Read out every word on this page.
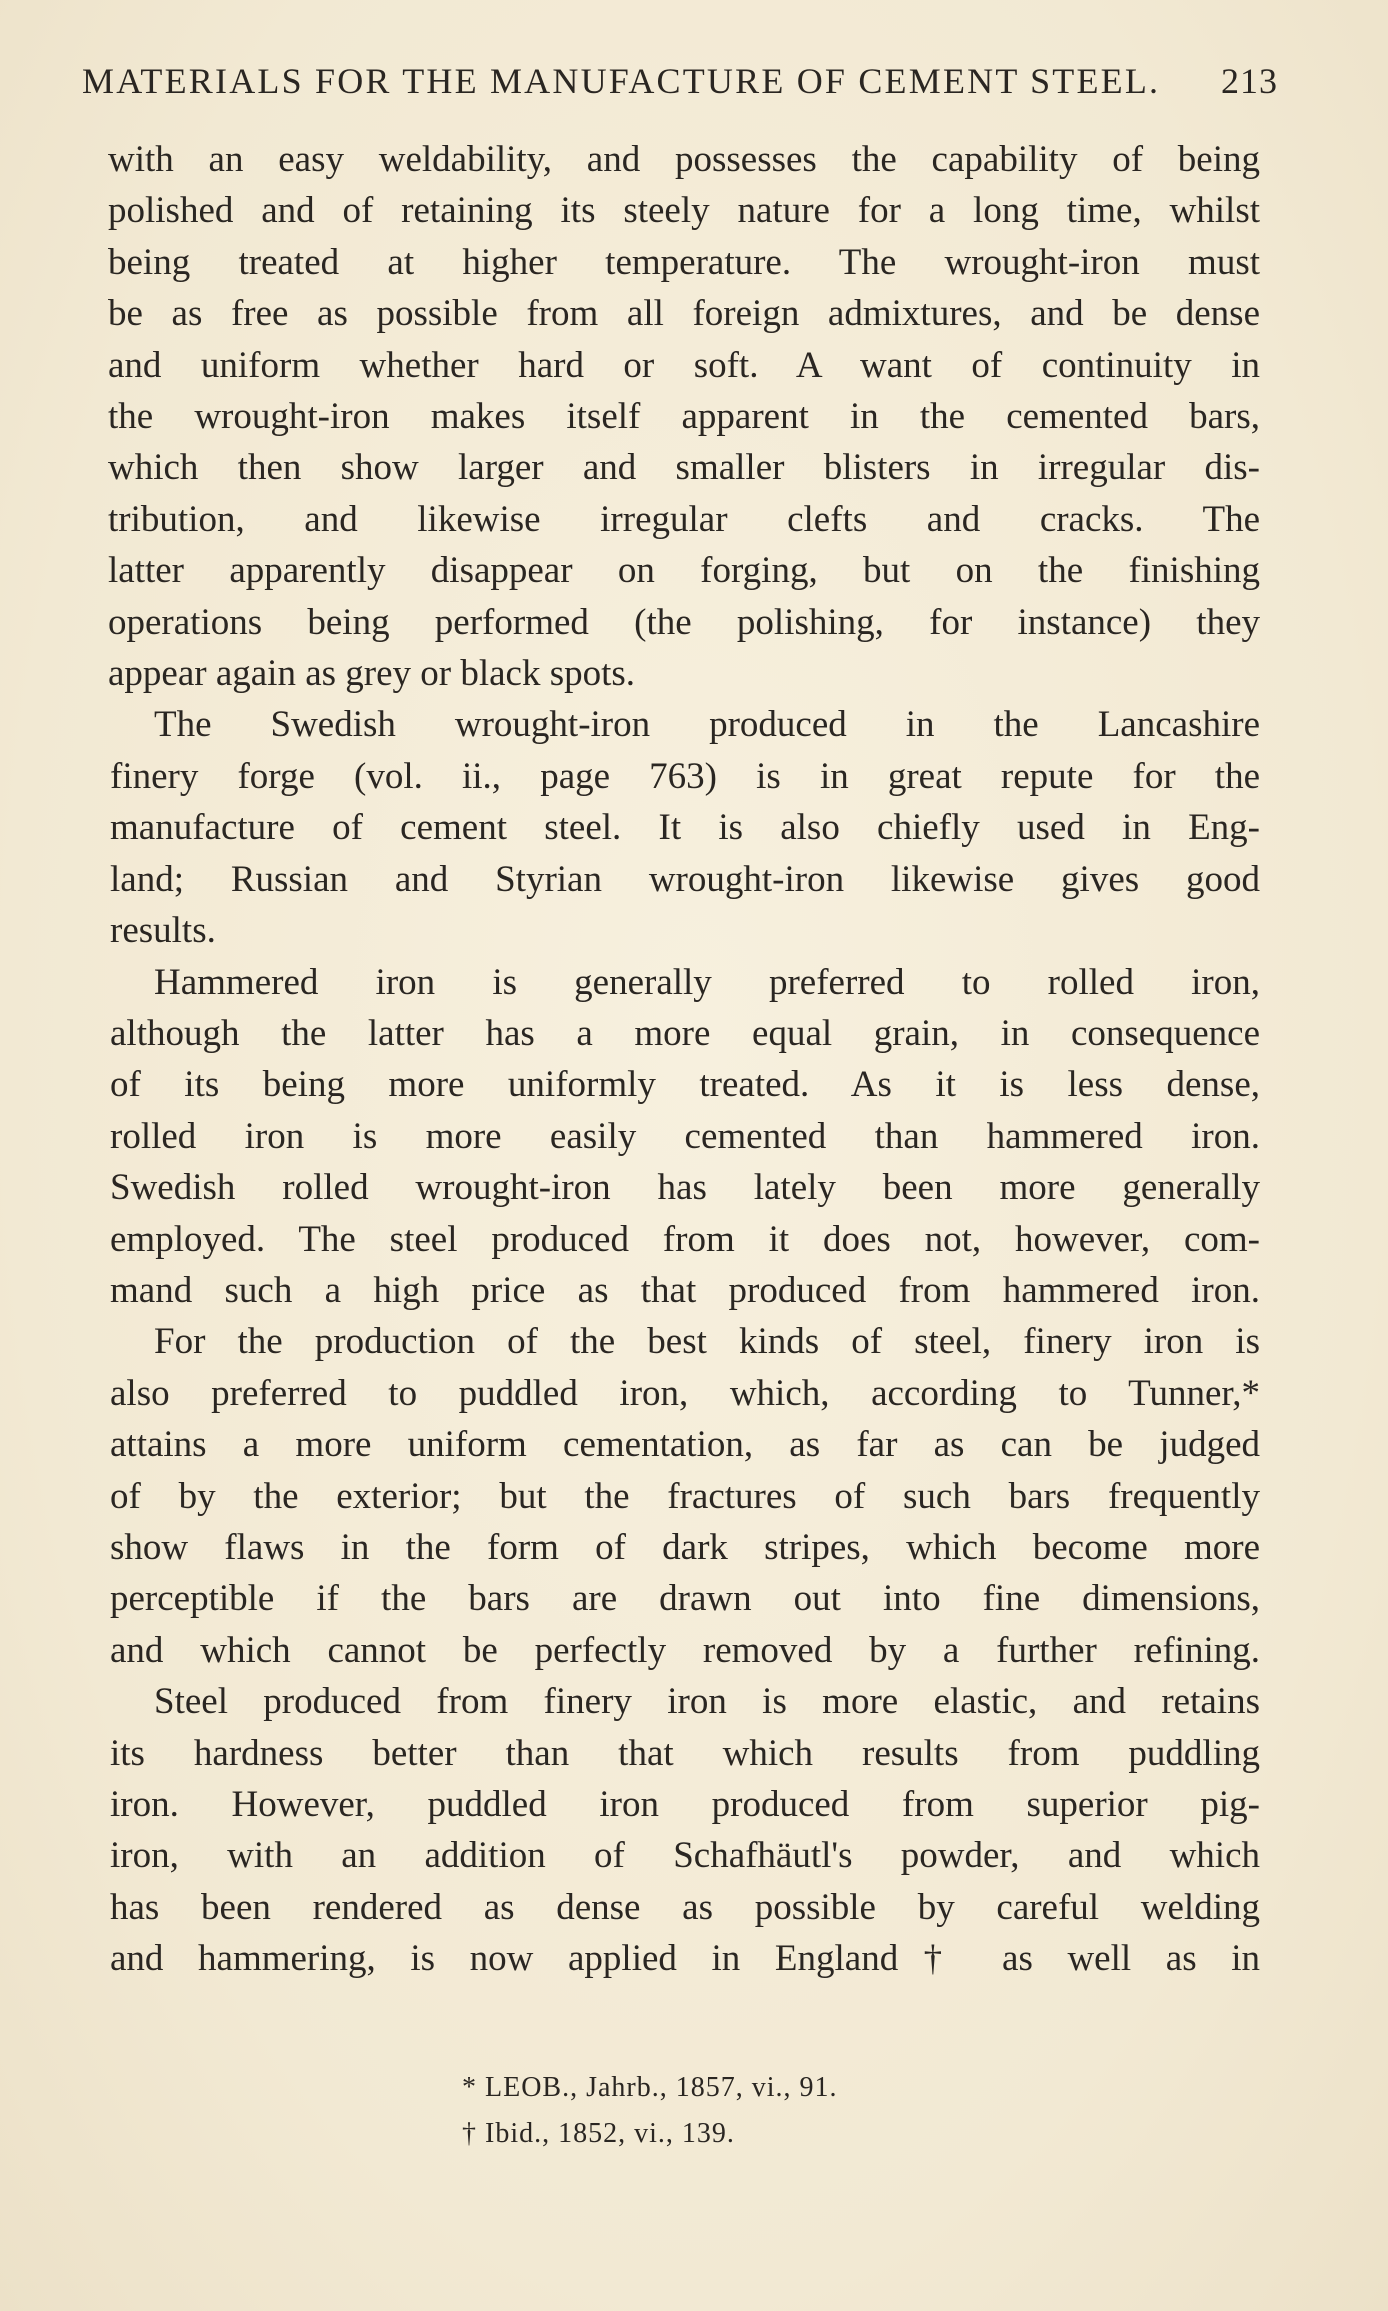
MATERIALS FOR THE MANUFACTURE OF CEMENT STEEL. 213

with an easy weldability, and possesses the capability of being
polished and of retaining its steely nature for a long time, whilst
being treated at higher temperature. The wrought-iron must
be as free as possible from all foreign admixtures, and be dense
and uniform whether hard or soft. A want of continuity in
the wrought-iron makes itself apparent in the cemented bars,
which then show larger and smaller blisters in irregular dis-
tribution, and likewise irregular clefts and cracks. The
latter apparently disappear on forging, but on the finishing
operations being performed (the polishing, for instance) they
appear again as grey or black spots.

The Swedish wrought-iron produced in the Lancashire
finery forge (vol. ii., page 763) is in great repute for the
manufacture of cement steel. It is also chiefly used in Eng-
land; Russian and Styrian wrought-iron likewise gives good
results.

Hammered iron is generally preferred to rolled iron,
although the latter has a more equal grain, in consequence
of its being more uniformly treated. As it is less dense,
rolled iron is more easily cemented than hammered iron.
Swedish rolled wrought-iron has lately been more generally
employed. The steel produced from it does not, however, com-
mand such a high price as that produced from hammered iron.

For the production of the best kinds of steel, finery iron is
also preferred to puddled iron, which, according to Tunner,*
attains a more uniform cementation, as far as can be judged
of by the exterior; but the fractures of such bars frequently
show flaws in the form of dark stripes, which become more
perceptible if the bars are drawn out into fine dimensions,
and which cannot be perfectly removed by a further refining.

Steel produced from finery iron is more elastic, and retains
its hardness better than that which results from puddling
iron. However, puddled iron produced from superior pig-
iron, with an addition of Schafhäutl's powder, and which
has been rendered as dense as possible by careful welding
and hammering, is now applied in England† as well as in

* LEOB., Jahrb., 1857, vi., 91.
† Ibid., 1852, vi., 139.
